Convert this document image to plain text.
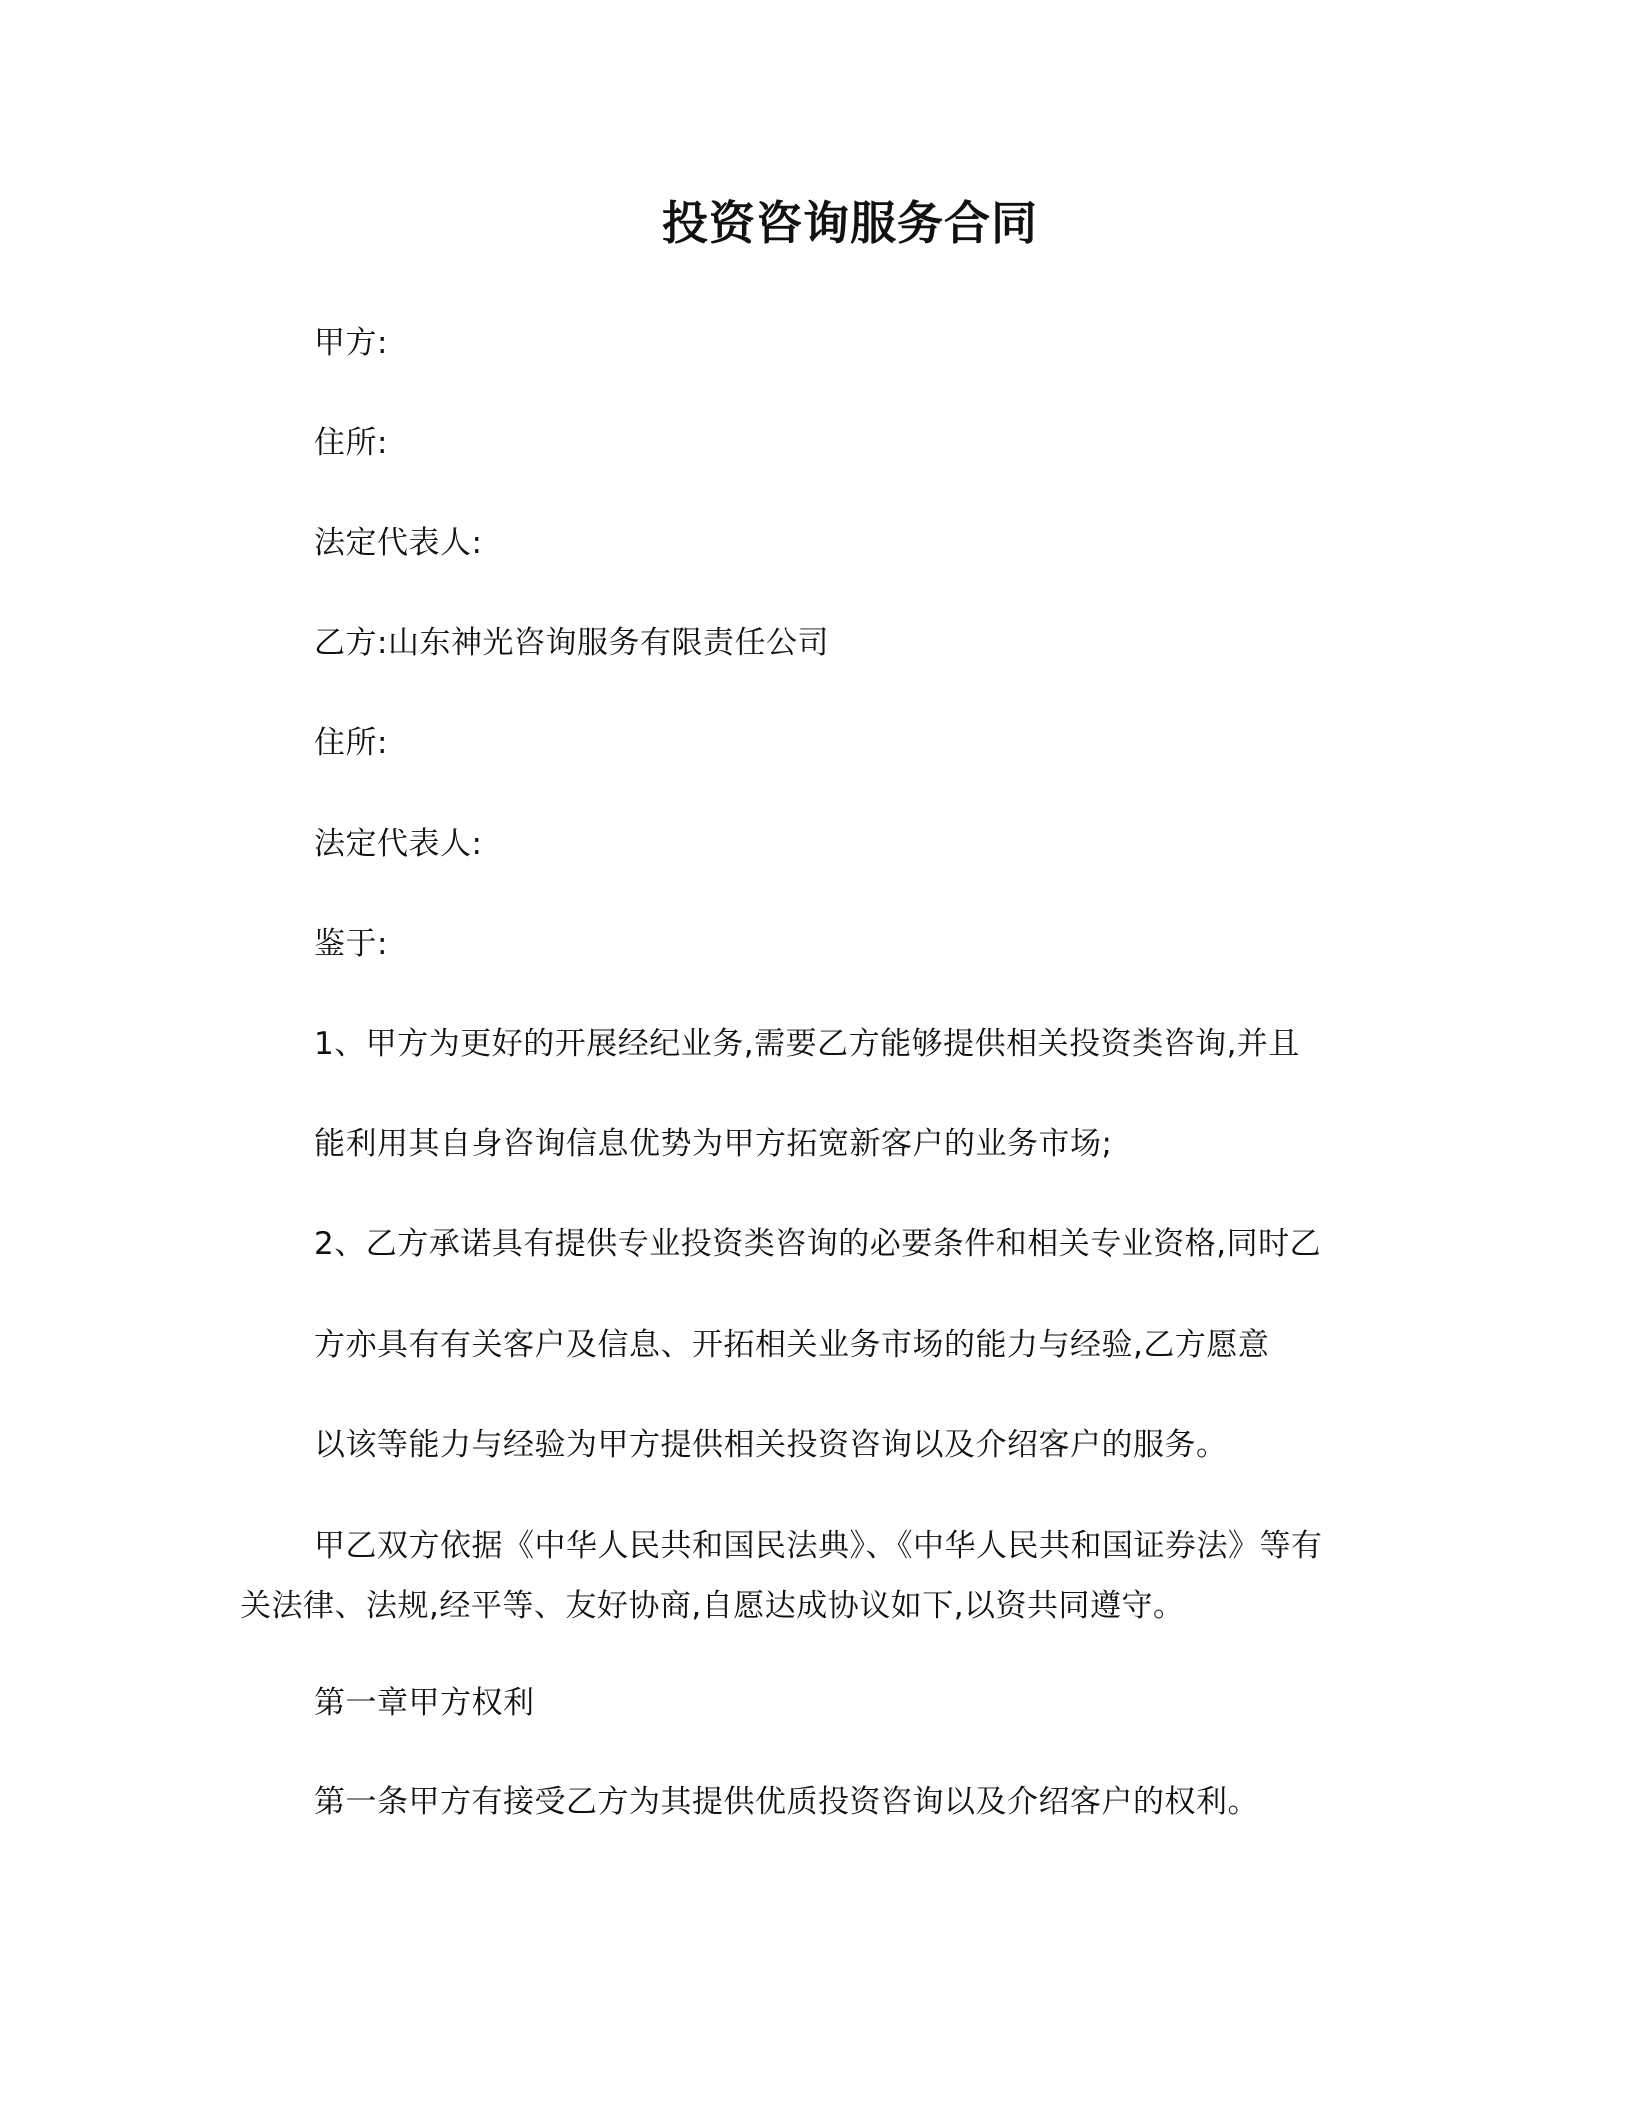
投资咨询服务合同
甲方:
住所:
法定代表人:
乙方:山东神光咨询服务有限责任公司
住所:
法定代表人:
鉴于:
1、甲方为更好的开展经纪业务,需要乙方能够提供相关投资类咨询,并且
能利用其自身咨询信息优势为甲方拓宽新客户的业务市场;
2、乙方承诺具有提供专业投资类咨询的必要条件和相关专业资格,同时乙
方亦具有有关客户及信息、开拓相关业务市场的能力与经验,乙方愿意
以该等能力与经验为甲方提供相关投资咨询以及介绍客户的服务。
甲乙双方依据《中华人民共和国民法典》、《中华人民共和国证券法》等有
关法律、法规,经平等、友好协商,自愿达成协议如下,以资共同遵守。
第一章甲方权利
第一条甲方有接受乙方为其提供优质投资咨询以及介绍客户的权利。
